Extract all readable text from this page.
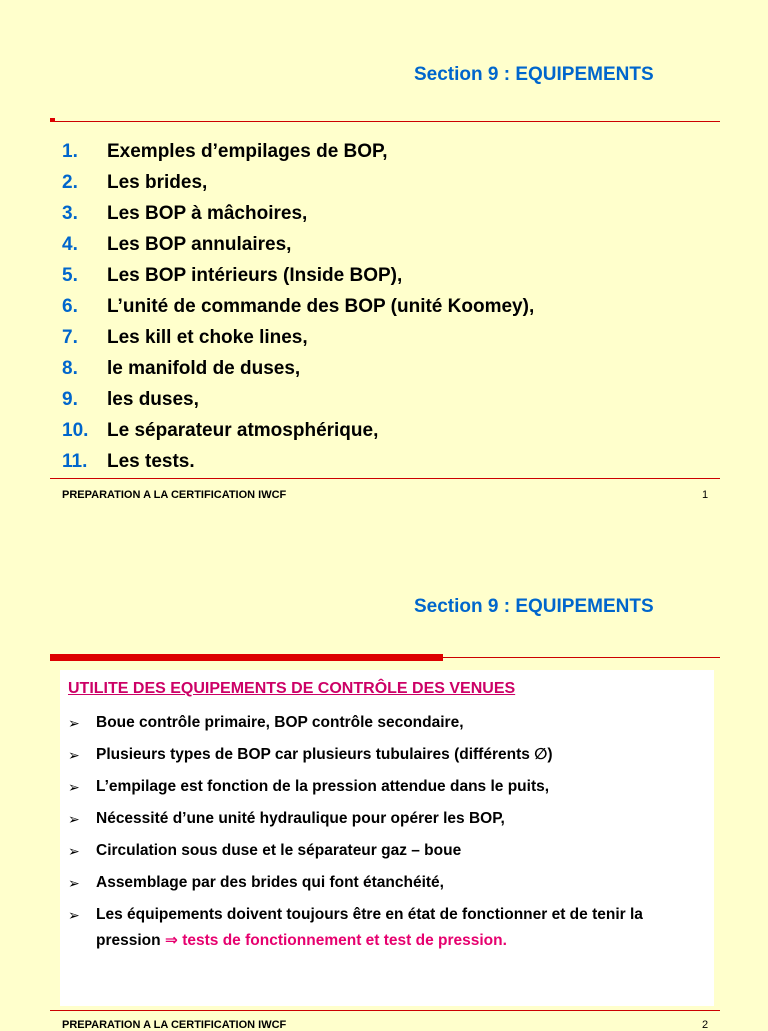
Section 9 : EQUIPEMENTS
1.	Exemples d’empilages de BOP,
2.	Les brides,
3.	Les BOP à mâchoires,
4.	Les BOP annulaires,
5.	Les BOP intérieurs (Inside BOP),
6.	L’unité de commande des BOP (unité Koomey),
7.	Les kill et choke lines,
8.	le manifold de duses,
9.	les duses,
10. Le séparateur atmosphérique,
11.	Les tests.
PREPARATION A LA CERTIFICATION IWCF	1
Section 9 : EQUIPEMENTS
UTILITE DES EQUIPEMENTS DE CONTRÔLE DES VENUES
➢	Boue contrôle primaire, BOP contrôle secondaire,
➢	Plusieurs types de BOP car plusieurs tubulaires (différents ∅)
➢	L’empilage est fonction de la pression attendue dans le puits,
➢	Nécessité d’une unité hydraulique pour opérer les BOP,
➢	Circulation sous duse et le séparateur gaz – boue
➢	Assemblage par des brides qui font étanchéité,
➢	Les équipements doivent toujours être en état de fonctionner et de tenir la pression ⇒ tests de fonctionnement et test de pression.
PREPARATION A LA CERTIFICATION IWCF	2
